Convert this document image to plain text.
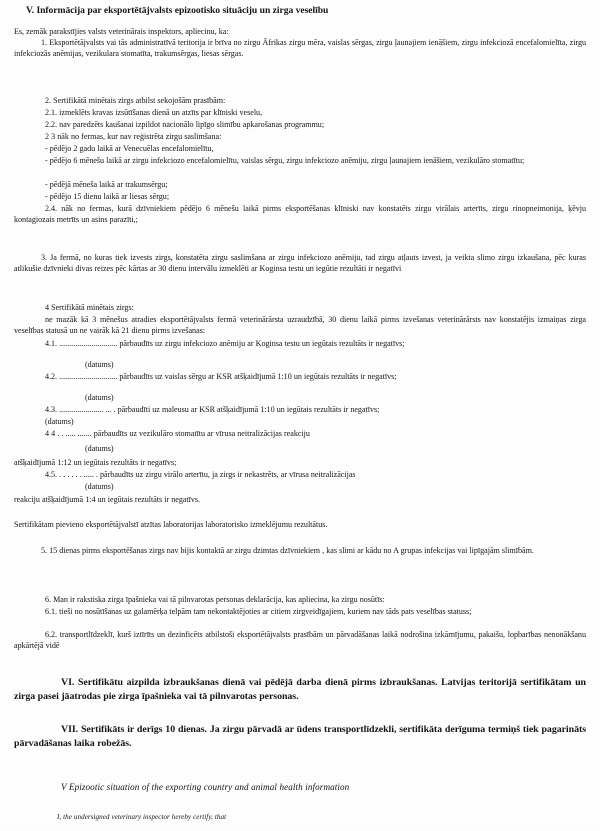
V. Informācija par eksportētājvalsts epizootisko situāciju un zirga veselību
Es, zemāk parakstījies valsts veterinārais inspektors, apliecinu, ka:
1. Eksportētājvalsts vai tās administratīvā teritorija ir brīva no zirgu Āfrikas zirgu mēra, vaislas sērgas, zirgu ļaunajiem ienāšiem, zirgu infekciozā encefalomielīta, zirgu infekciozās anēmijas, vezikulara stomatīta, trakumsērgas, liesas sērgas.
2. Sertifikātā minētais zirgs atbilst sekojošām prasībām:
2.1. izmeklēts kravas izsūtīšanas dienā un atzīts par klīniski veselu,
2.2. nav paredzēts kaušanai izpildot nacionālo lipīgo slimību apkarošanas programmu;
2 3 nāk no fermas, kur nav reģistrēta zirgu saslimšana:
- pēdējo 2 gadu laikā ar Venecuēlas encefalomielītu,
- pēdējo 6 mēnešu laikā ar zirgu infekciozo encefalomielītu, vaislas sērgu, zirgu infekciozo anēmiju, zirgu ļaunajiem ienāšiem, vezikulāro stomatītu;
- pēdējā mēneša laikā ar trakumsērgu;
- pēdējo 15 dienu laikā ar liesas sērgu;
2.4. nāk no fermas, kurā dzīvniekiem pēdējo 6 mēnešu laikā pirms eksportēšanas klīniski nav konstatēts zirgu virālais arterīts, zirgu rinopneimonija, ķēvju kontagiozais metrīts un asins parazīti,;
3. Ja fermā, no kuras tiek izvests zirgs, konstatēta zirgu saslimšana ar zirgu infekciozo anēmiju, tad zirgu atļauts izvest, ja veikta slimo zirgu izkaušana, pēc kuras atlikušie dzīvnieki divas reizes pēc kārtas ar 30 dienu intervālu izmeklēti ar Koginsa testu un iegūtie rezultāti ir negatīvi
4 Sertifikātā minētais zirgs:
ne mazāk kā 3 mēnešus atradies eksportētājvalsts fermā veterinārārsta uzraudzībā, 30 dienu laikā pirms izvešanas veterinārārsts nav konstatējis izmaiņas zirga veselības statusā un ne vairāk kā 21 dienu pirms izvešanas:
4.1. ............................. pārbaudīts uz zirgu infekciozo anēmiju ar Koginsa testu un iegūtais rezultāts ir negatīvs;
(datums)
4.2. ............................. pārbaudīts uz vaislas sērgu ar KSR atšķaidījumā 1:10 un iegūtais rezultāts ir negatīvs;
(datums)
4.3. ...................... ... . pārbaudīti uz maleusu ar KSR atšķaidījumā 1:10 un iegūtais rezultāts ir negatīvs;
(datums)
4 4 . . ..... ....... pārbaudīts uz vezikulāro stomatītu ar vīrusa neitralizācijas reakciju
(datums)
atšķaidījumā 1:12 un iegūtais rezultāts ir negatīvs;
4.5. . . . . . . ..... . pārbaudīts uz zirgu virālo arterītu, ja zirgs ir nekastrēts, ar vīrusa neitralizācijas
(datums)
reakciju atšķaidījumā 1:4 un iegūtais rezultāts ir negatīvs.
Sertifikātam pievieno eksportētājvalstī atzītas laboratorijas laboratorisko izmeklējumu rezultātus.
5. 15 dienas pirms eksportēšanas zirgs nav bijis kontaktā ar zirgu dzimtas dzīvniekiem , kas slimi ar kādu no A grupas infekcijas vai lipīgajām slimībām.
6. Man ir rakstiska zirga īpašnieka vai tā pilnvarotas personas deklarācija, kas apliecina, ka zirgu nosūtīs:
6.1. tieši no nosūtīšanas uz galamērķa telpām tam nekontaktējoties ar citiem zirgveidīgajiem, kuriem nav tāds pats veselības statuss;
6.2. transportlīdzeklī, kurš iztīrīts un dezinficēts atbilstoši eksportētājvalsts prasībām un pārvadāšanas laikā nodrošina izkārnījumu, pakaišu, lopbarības nenonākšanu apkārtējā vidē
VI. Sertifikātu aizpilda izbraukšanas dienā vai pēdējā darba dienā pirms izbraukšanas. Latvijas teritorijā sertifikātam un zirga pasei jāatrodas pie zirga īpašnieka vai tā pilnvarotas personas.
VII. Sertifikāts ir derīgs 10 dienas. Ja zirgu pārvadā ar ūdens transportlīdzekli, sertifikāta derīguma termiņš tiek pagarināts pārvadāšanas laika robežās.
V Epizootic situation of the exporting country and animal health information
I, the undersigned veterinary inspector hereby certify, that
